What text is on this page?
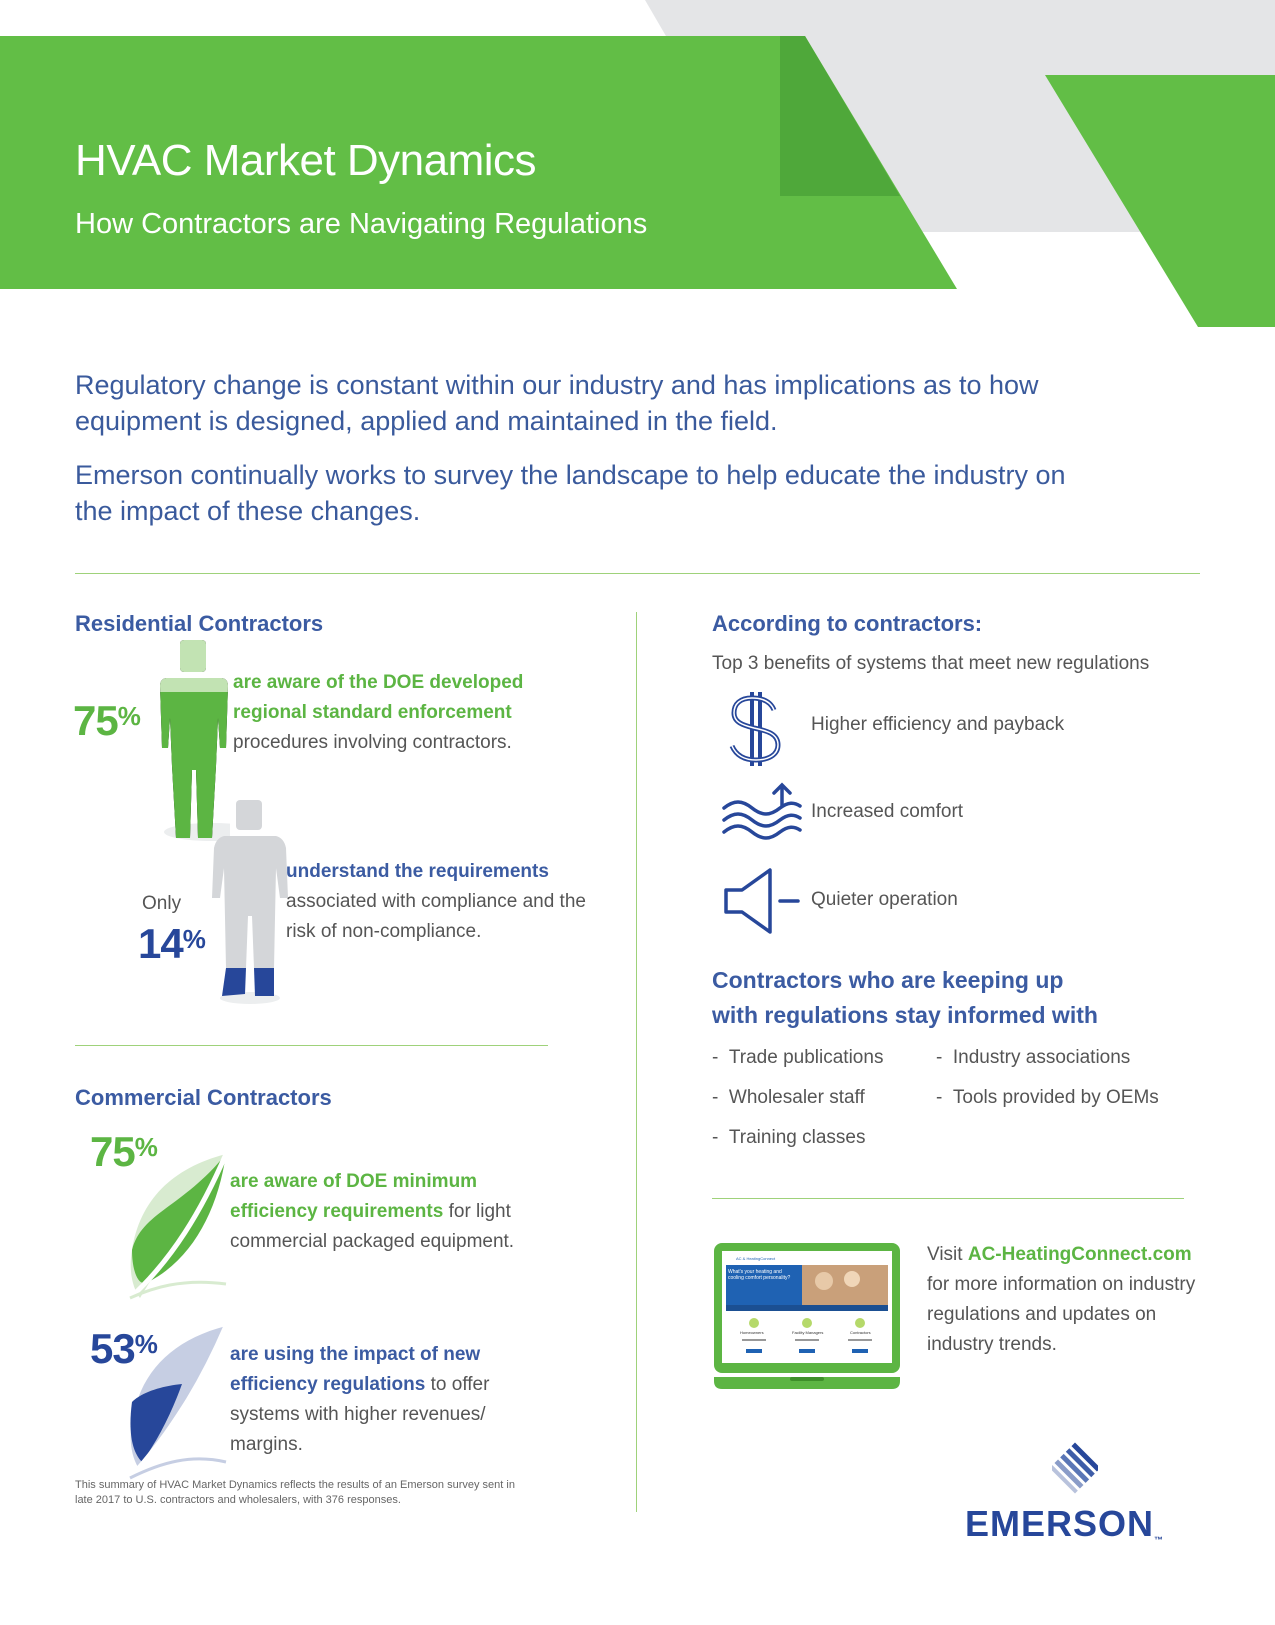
HVAC Market Dynamics
How Contractors are Navigating Regulations

Regulatory change is constant within our industry and has implications as to how equipment is designed, applied and maintained in the field.

Emerson continually works to survey the landscape to help educate the industry on the impact of these changes.

Residential Contractors
75%
are aware of the DOE developed regional standard enforcement procedures involving contractors.
Only
14%
understand the requirements associated with compliance and the risk of non-compliance.
Commercial Contractors
75%
are aware of DOE minimum efficiency requirements for light commercial packaged equipment.
53%	are using the impact of new efficiency regulations to offer systems with higher revenues/ margins.
This summary of HVAC Market Dynamics reflects the results of an Emerson survey sent in late 2017 to U.S. contractors and wholesalers, with 376 responses.
According to contractors:
Top 3 benefits of systems that meet new regulations
Higher efficiency and payback
Increased comfort
Quieter operation
Contractors who are keeping up
with regulations stay informed with
-  Trade publications
-  Wholesaler staff
-  Training classes
-  Industry associations
-  Tools provided by OEMs
AC & HeatingConnect
What's your heating and cooling comfort personality?
Homeowners	Facility Managers	Contractors
Visit AC-HeatingConnect.com for more information on industry regulations and updates on industry trends.
EMERSON™
